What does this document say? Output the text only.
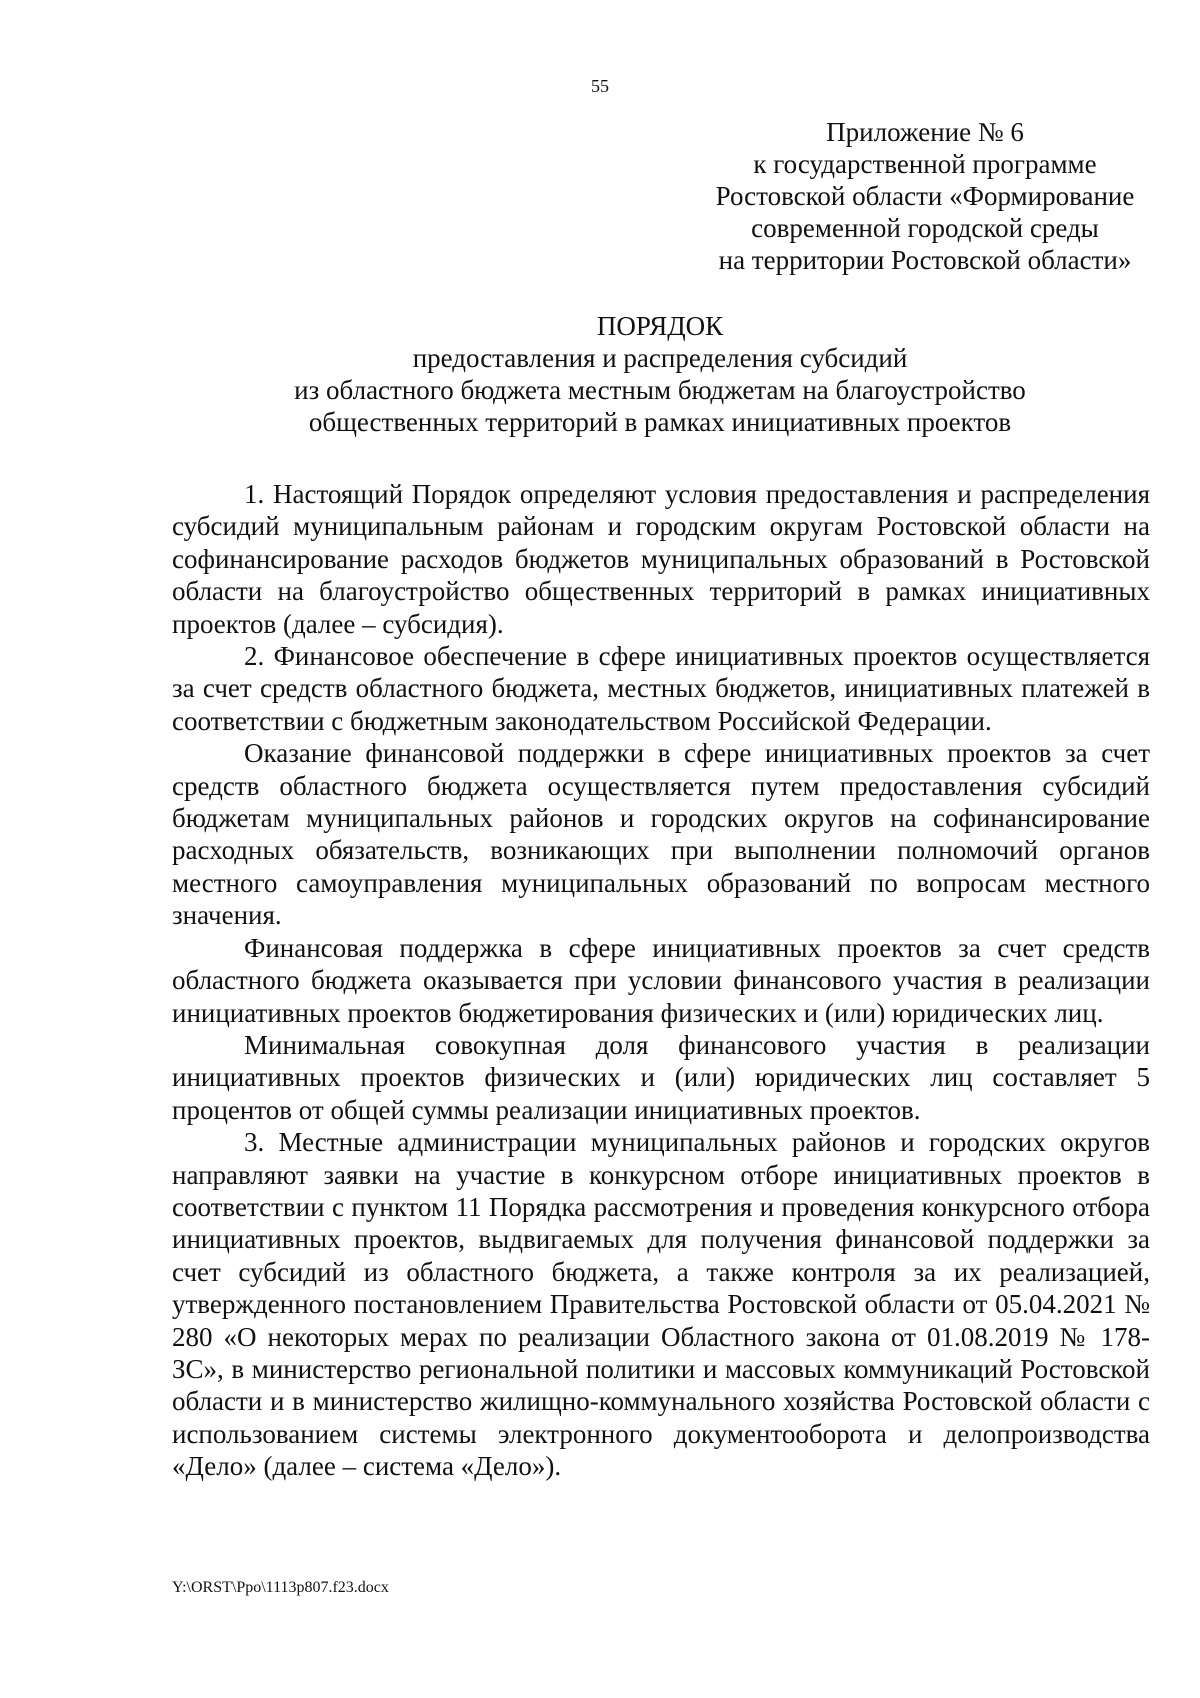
55
Приложение № 6
к государственной программе
Ростовской области «Формирование
современной городской среды
на территории Ростовской области»
ПОРЯДОК
предоставления и распределения субсидий
из областного бюджета местным бюджетам на благоустройство
общественных территорий в рамках инициативных проектов

1. Настоящий Порядок определяют условия предоставления и распределения субсидий муниципальным районам и городским округам Ростовской области на софинансирование расходов бюджетов муниципальных образований в Ростовской области на благоустройство общественных территорий в рамках инициативных проектов (далее – субсидия).

2. Финансовое обеспечение в сфере инициативных проектов осуществляется за счет средств областного бюджета, местных бюджетов, инициативных платежей в соответствии с бюджетным законодательством Российской Федерации.

Оказание финансовой поддержки в сфере инициативных проектов за счет средств областного бюджета осуществляется путем предоставления субсидий бюджетам муниципальных районов и городских округов на софинансирование расходных обязательств, возникающих при выполнении полномочий органов местного самоуправления муниципальных образований по вопросам местного значения.

Финансовая поддержка в сфере инициативных проектов за счет средств областного бюджета оказывается при условии финансового участия в реализации инициативных проектов бюджетирования физических и (или) юридических лиц.

Минимальная совокупная доля финансового участия в реализации инициативных проектов физических и (или) юридических лиц составляет 5 процентов от общей суммы реализации инициативных проектов.

3. Местные администрации муниципальных районов и городских округов направляют заявки на участие в конкурсном отборе инициативных проектов в соответствии с пунктом 11 Порядка рассмотрения и проведения конкурсного отбора инициативных проектов, выдвигаемых для получения финансовой поддержки за счет субсидий из областного бюджета, а также контроля за их реализацией, утвержденного постановлением Правительства Ростовской области от 05.04.2021 № 280 «О некоторых мерах по реализации Областного закона от 01.08.2019 № 178-ЗС», в министерство региональной политики и массовых коммуникаций Ростовской области и в министерство жилищно-коммунального хозяйства Ростовской области с использованием системы электронного документооборота и делопроизводства «Дело» (далее – система «Дело»).

Y:\ORST\Ppo\1113p807.f23.docx
